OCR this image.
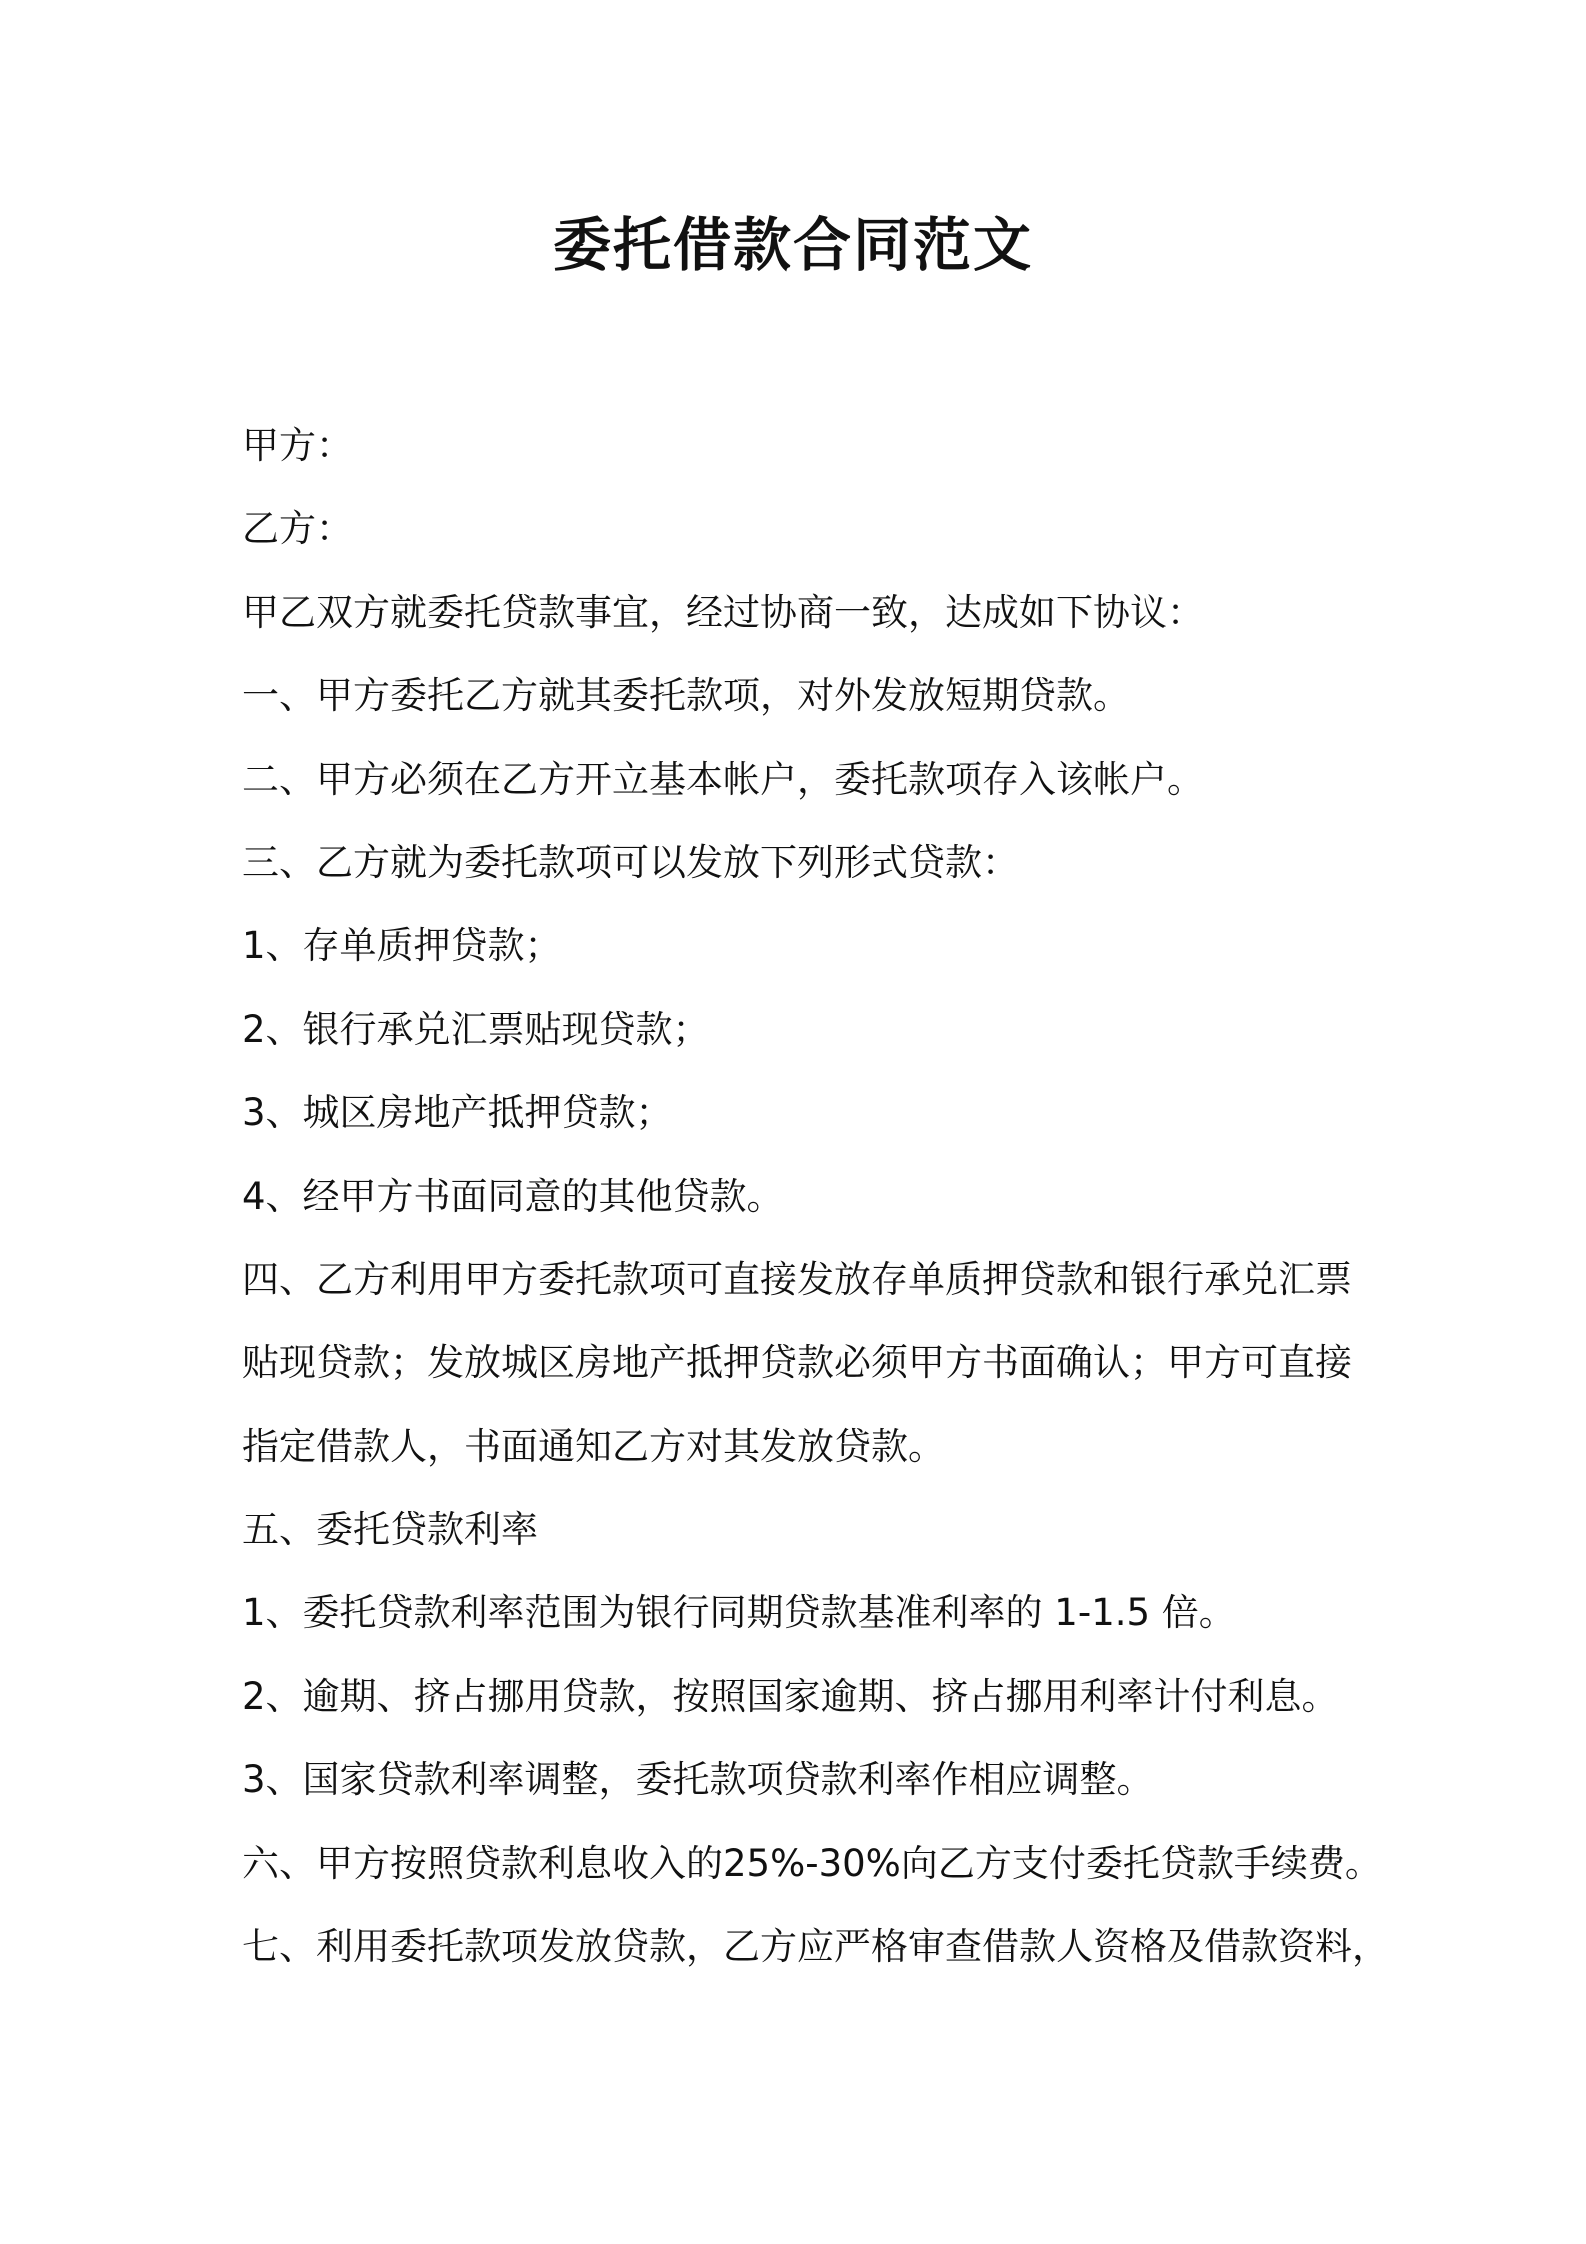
委托借款合同范文

甲方：

乙方：

甲乙双方就委托贷款事宜，经过协商一致，达成如下协议：

一、甲方委托乙方就其委托款项，对外发放短期贷款。

二、甲方必须在乙方开立基本帐户，委托款项存入该帐户。

三、乙方就为委托款项可以发放下列形式贷款：

1、存单质押贷款；

2、银行承兑汇票贴现贷款；

3、城区房地产抵押贷款；

4、经甲方书面同意的其他贷款。

四、乙方利用甲方委托款项可直接发放存单质押贷款和银行承兑汇票

贴现贷款；发放城区房地产抵押贷款必须甲方书面确认；甲方可直接

指定借款人，书面通知乙方对其发放贷款。

五、委托贷款利率

1、委托贷款利率范围为银行同期贷款基准利率的 1-1.5 倍。

2、逾期、挤占挪用贷款，按照国家逾期、挤占挪用利率计付利息。

3、国家贷款利率调整，委托款项贷款利率作相应调整。

六、甲方按照贷款利息收入的25%-30%向乙方支付委托贷款手续费。

七、利用委托款项发放贷款，乙方应严格审查借款人资格及借款资料，
